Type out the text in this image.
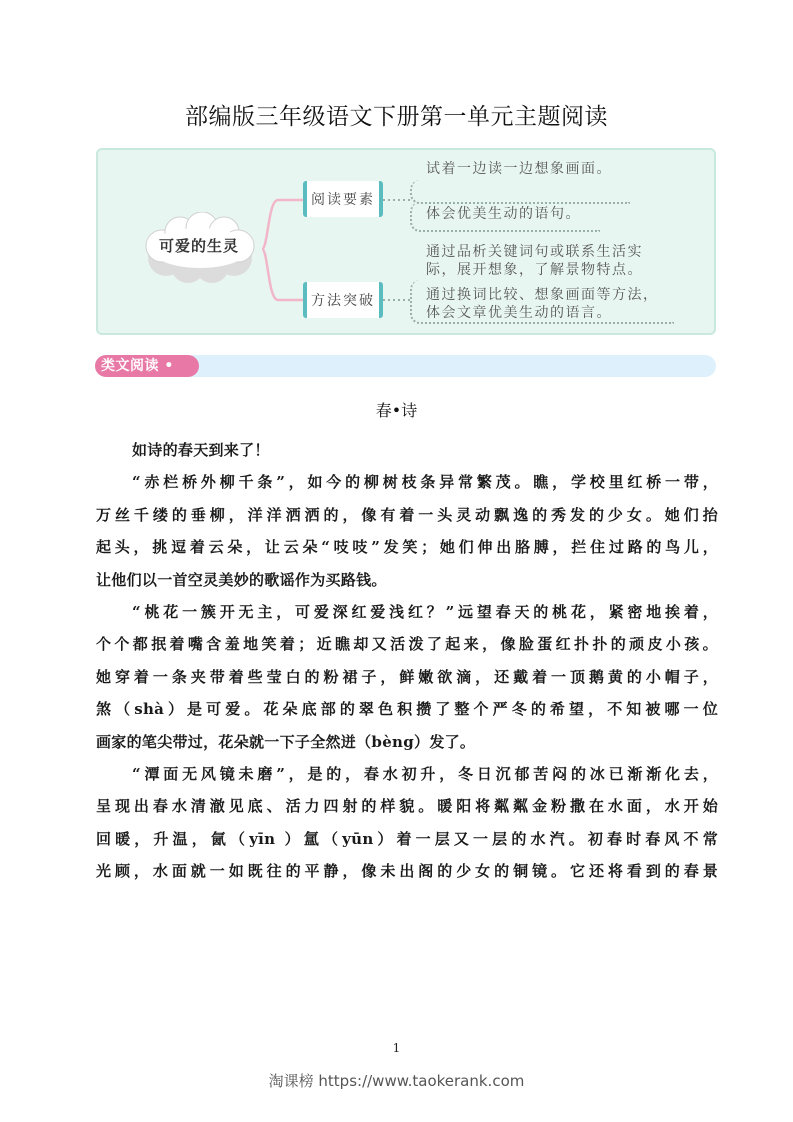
部编版三年级语文下册第一单元主题阅读
可爱的生灵
阅读要素
方法突破
试着一边读一边想象画面。
体会优美生动的语句。
通过品析关键词句或联系生活实
际，展开想象，了解景物特点。
通过换词比较、想象画面等方法，
体会文章优美生动的语言。
类文阅读 •
春•诗
如诗的春天到来了！
“赤栏桥外柳千条”，如今的柳树枝条异常繁茂。瞧，学校里红桥一带，
万丝千缕的垂柳，洋洋洒洒的，像有着一头灵动飘逸的秀发的少女。她们抬
起头，挑逗着云朵，让云朵“吱吱”发笑；她们伸出胳膊，拦住过路的鸟儿，
让他们以一首空灵美妙的歌谣作为买路钱。
“桃花一簇开无主，可爱深红爱浅红？”远望春天的桃花，紧密地挨着，
个个都抿着嘴含羞地笑着；近瞧却又活泼了起来，像脸蛋红扑扑的顽皮小孩。
她穿着一条夹带着些莹白的粉裙子，鲜嫩欲滴，还戴着一顶鹅黄的小帽子，
煞（shà）是可爱。花朵底部的翠色积攒了整个严冬的希望，不知被哪一位
画家的笔尖带过，花朵就一下子全然迸（bèng）发了。
“潭面无风镜未磨”，是的，春水初升，冬日沉郁苦闷的冰已渐渐化去，
呈现出春水清澈见底、活力四射的样貌。暖阳将粼粼金粉撒在水面，水开始
回暖，升温，氤（yīn ）氲（yūn）着一层又一层的水汽。初春时春风不常
光顾，水面就一如既往的平静，像未出阁的少女的铜镜。它还将看到的春景
1
淘课榜 https://www.taokerank.com
